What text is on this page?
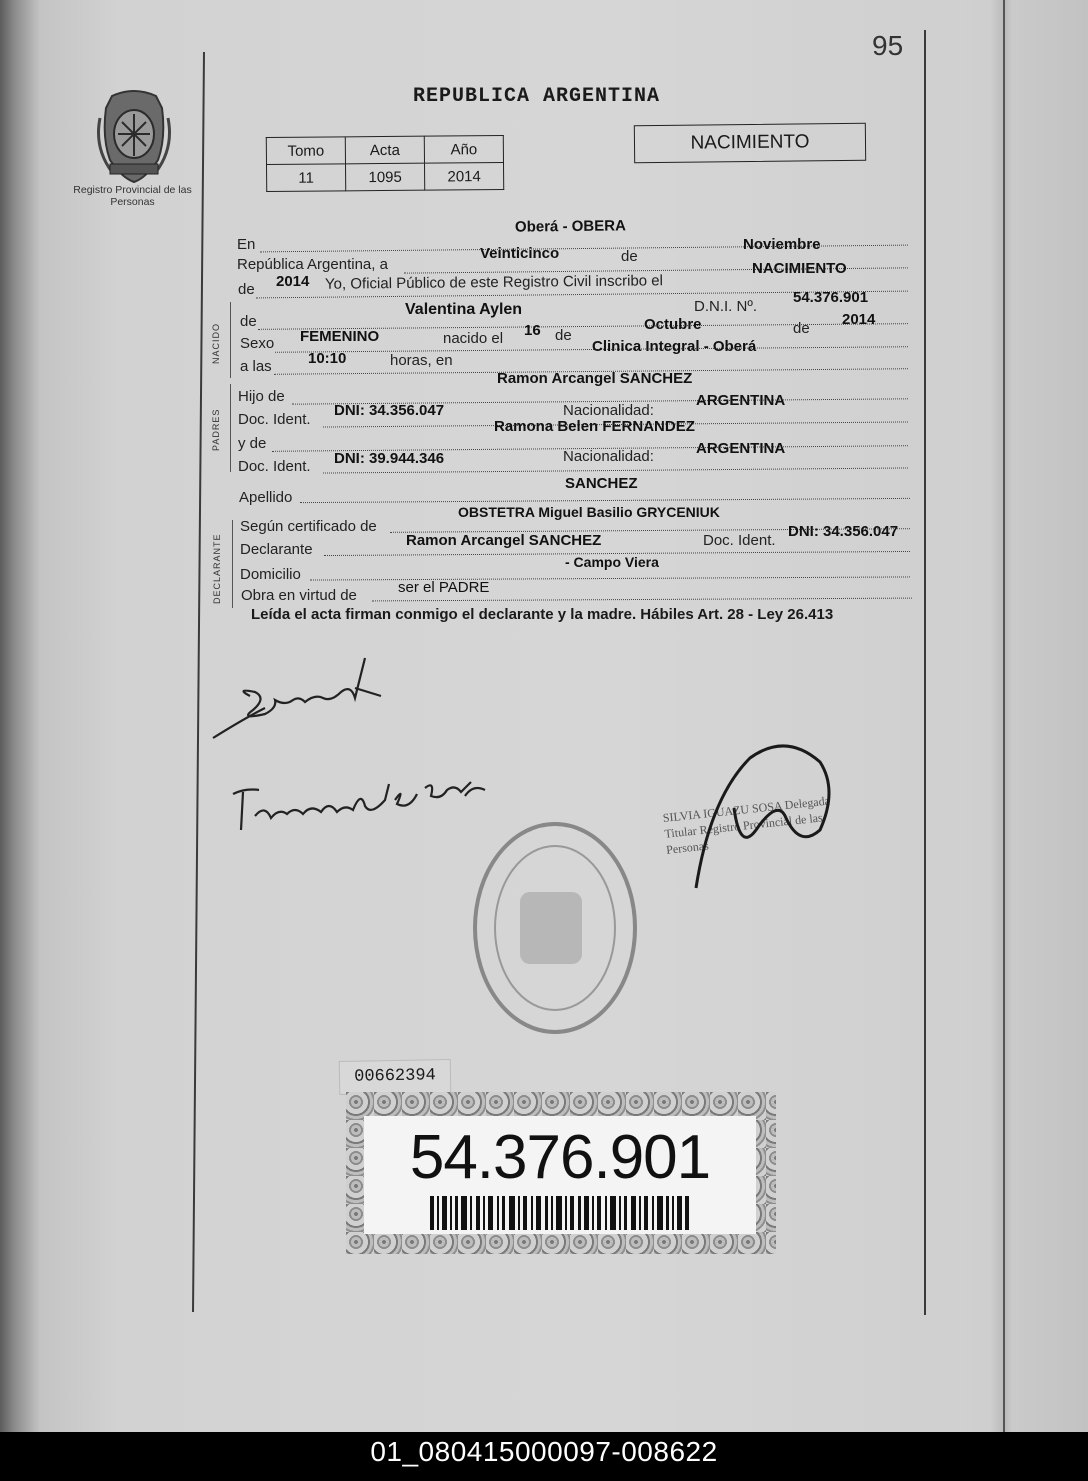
95
REPUBLICA ARGENTINA
Registro Provincial de las Personas
Tomo	Acta	Año
11	1095	2014
NACIMIENTO
En
Oberá - OBERA
República Argentina, a
Veinticinco	de
Noviembre
de 2014 Yo, Oficial Público de este Registro Civil inscribo el
NACIMIENTO
NACIDO
de
Valentina Aylen	D.N.I. Nº.
54.376.901
Sexo FEMENINO	nacido el 16 de
Octubre	de
2014
a las 10:10	horas, en
Clinica Integral - Oberá
PADRES
Hijo de
Ramon Arcangel SANCHEZ
Doc. Ident.
DNI: 34.356.047	Nacionalidad:
ARGENTINA
y de
Ramona Belen FERNANDEZ
Doc. Ident. DNI: 39.944.346	Nacionalidad:	ARGENTINA
Apellido
SANCHEZ
DECLARANTE
Según certificado de
OBSTETRA Miguel Basilio GRYCENIUK
Declarante
Ramon Arcangel SANCHEZ	Doc. Ident.
DNI: 34.356.047
Domicilio
- Campo Viera
Obra en virtud de	ser el PADRE
Leída el acta firman conmigo el declarante y la madre. Hábiles Art. 28 - Ley 26.413
SILVIA IGUAZU SOSA Delegada Titular Registro Provincial de las Personas
00662394
54.376.901
01_080415000097-008622
